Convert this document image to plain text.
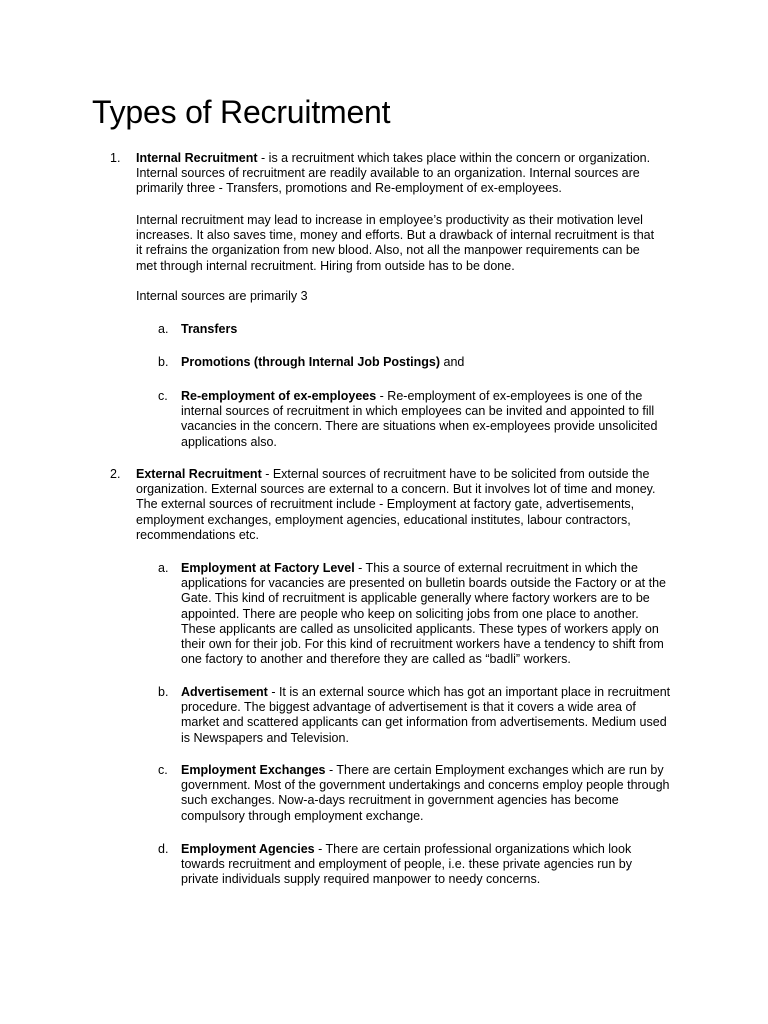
Types of Recruitment
1. Internal Recruitment - is a recruitment which takes place within the concern or organization. Internal sources of recruitment are readily available to an organization. Internal sources are primarily three - Transfers, promotions and Re-employment of ex-employees.

Internal recruitment may lead to increase in employee’s productivity as their motivation level increases. It also saves time, money and efforts. But a drawback of internal recruitment is that it refrains the organization from new blood. Also, not all the manpower requirements can be met through internal recruitment. Hiring from outside has to be done.

Internal sources are primarily 3

a. Transfers

b. Promotions (through Internal Job Postings) and

c. Re-employment of ex-employees - Re-employment of ex-employees is one of the internal sources of recruitment in which employees can be invited and appointed to fill vacancies in the concern. There are situations when ex-employees provide unsolicited applications also.

2. External Recruitment - External sources of recruitment have to be solicited from outside the organization. External sources are external to a concern. But it involves lot of time and money. The external sources of recruitment include - Employment at factory gate, advertisements, employment exchanges, employment agencies, educational institutes, labour contractors, recommendations etc.

a. Employment at Factory Level - This a source of external recruitment in which the applications for vacancies are presented on bulletin boards outside the Factory or at the Gate. This kind of recruitment is applicable generally where factory workers are to be appointed. There are people who keep on soliciting jobs from one place to another. These applicants are called as unsolicited applicants. These types of workers apply on their own for their job. For this kind of recruitment workers have a tendency to shift from one factory to another and therefore they are called as “badli” workers.

b. Advertisement - It is an external source which has got an important place in recruitment procedure. The biggest advantage of advertisement is that it covers a wide area of market and scattered applicants can get information from advertisements. Medium used is Newspapers and Television.

c. Employment Exchanges - There are certain Employment exchanges which are run by government. Most of the government undertakings and concerns employ people through such exchanges. Now-a-days recruitment in government agencies has become compulsory through employment exchange.

d. Employment Agencies - There are certain professional organizations which look towards recruitment and employment of people, i.e. these private agencies run by private individuals supply required manpower to needy concerns.
